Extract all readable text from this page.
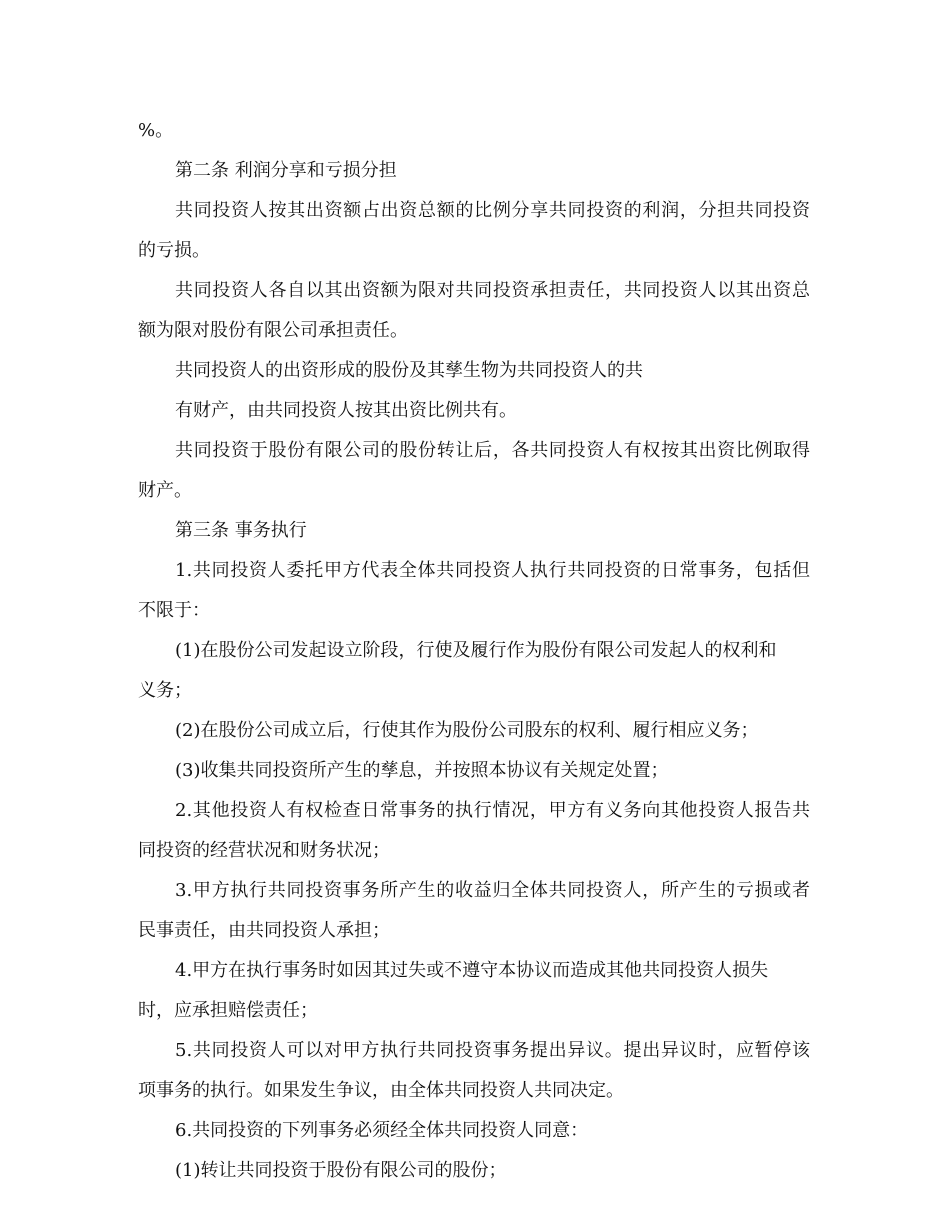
%。
第二条 利润分享和亏损分担
共同投资人按其出资额占出资总额的比例分享共同投资的利润，分担共同投资
的亏损。
共同投资人各自以其出资额为限对共同投资承担责任，共同投资人以其出资总
额为限对股份有限公司承担责任。
共同投资人的出资形成的股份及其孳生物为共同投资人的共
有财产，由共同投资人按其出资比例共有。
共同投资于股份有限公司的股份转让后，各共同投资人有权按其出资比例取得
财产。
第三条 事务执行
1.共同投资人委托甲方代表全体共同投资人执行共同投资的日常事务，包括但
不限于：
(1)在股份公司发起设立阶段，行使及履行作为股份有限公司发起人的权利和
义务；
(2)在股份公司成立后，行使其作为股份公司股东的权利、履行相应义务；
(3)收集共同投资所产生的孳息，并按照本协议有关规定处置；
2.其他投资人有权检查日常事务的执行情况，甲方有义务向其他投资人报告共
同投资的经营状况和财务状况；
3.甲方执行共同投资事务所产生的收益归全体共同投资人，所产生的亏损或者
民事责任，由共同投资人承担；
4.甲方在执行事务时如因其过失或不遵守本协议而造成其他共同投资人损失
时，应承担赔偿责任；
5.共同投资人可以对甲方执行共同投资事务提出异议。提出异议时，应暂停该
项事务的执行。如果发生争议，由全体共同投资人共同决定。
6.共同投资的下列事务必须经全体共同投资人同意：
(1)转让共同投资于股份有限公司的股份；
